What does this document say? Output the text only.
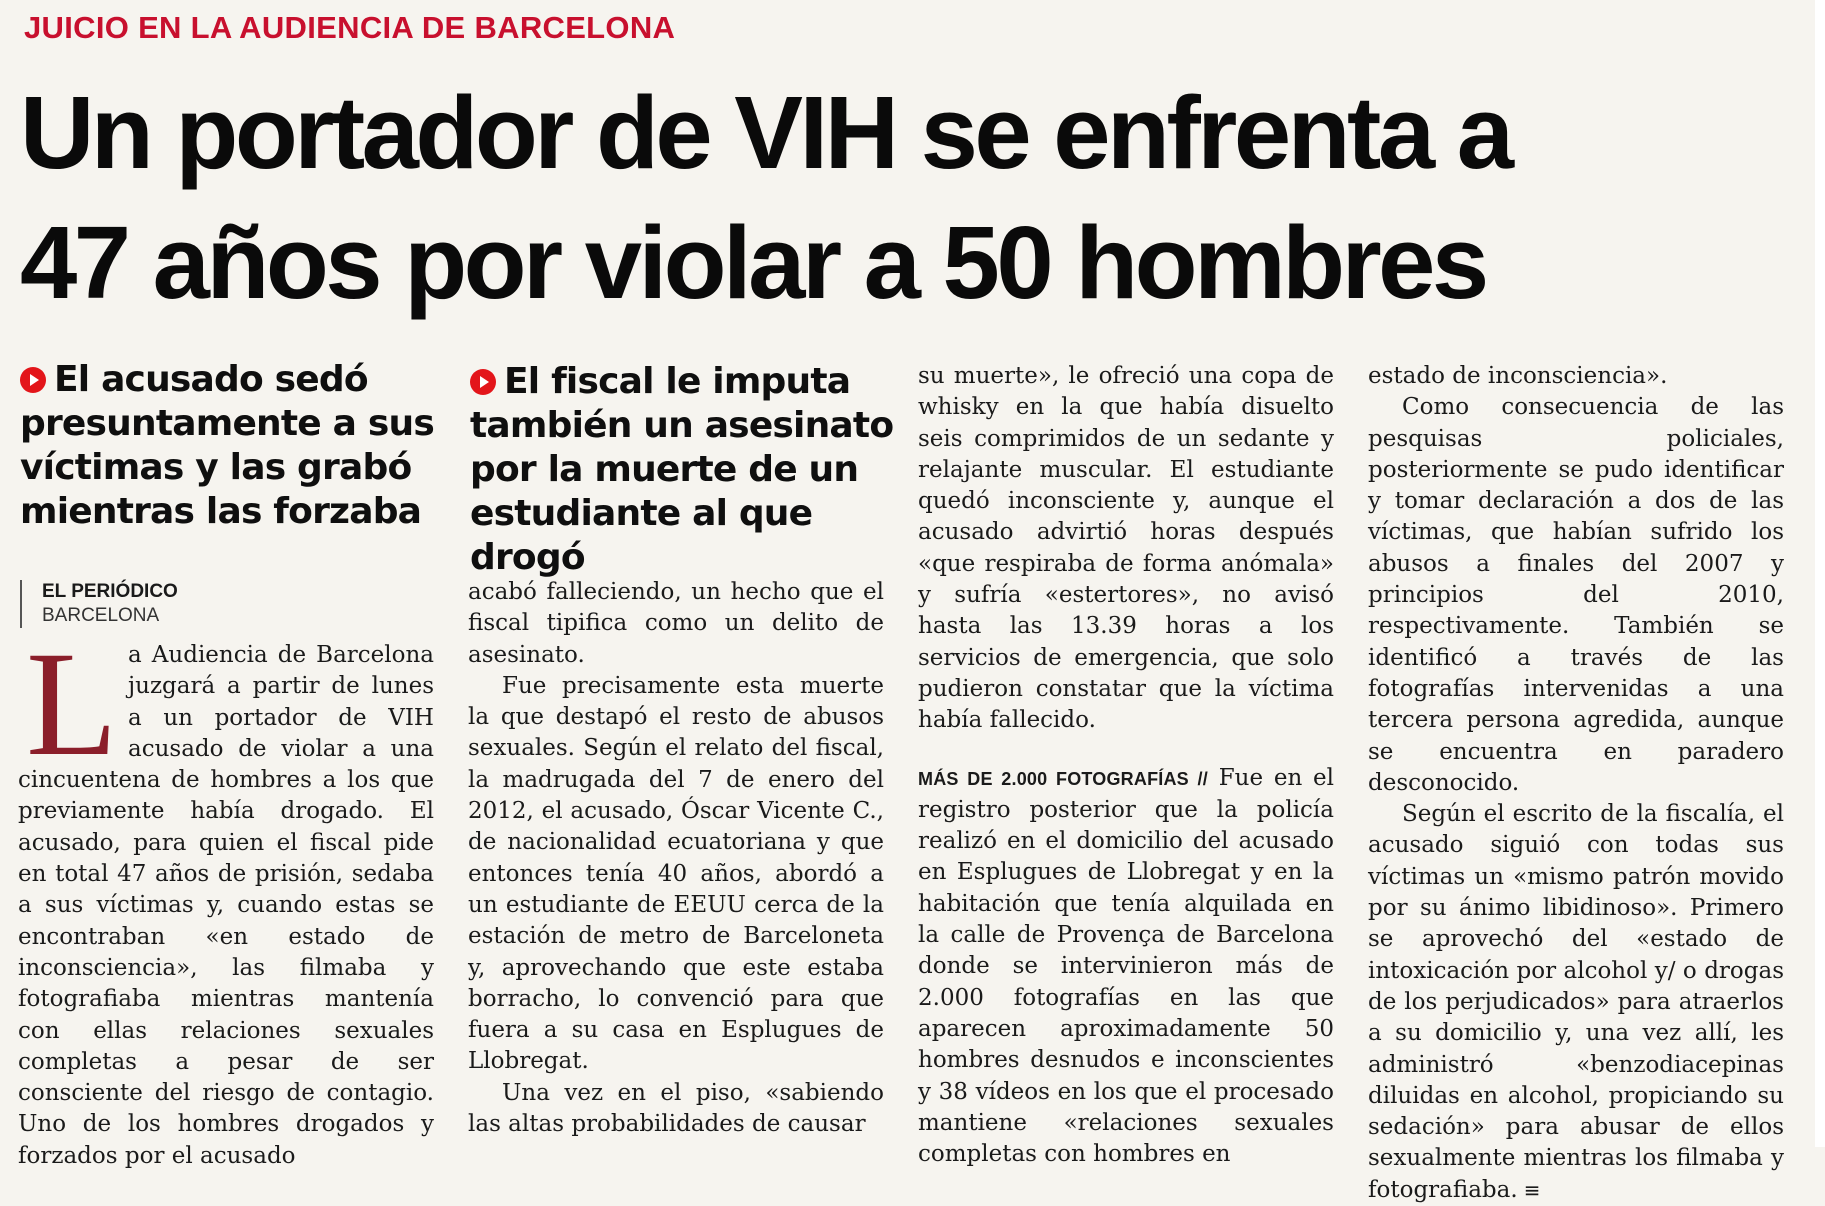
JUICIO EN LA AUDIENCIA DE BARCELONA
Un portador de VIH se enfrenta a
47 años por violar a 50 hombres
El acusado sedó presuntamente a sus víctimas y las grabó mientras las forzaba
El fiscal le imputa también un asesinato por la muerte de un estudiante al que drogó
EL PERIÓDICO
BARCELONA

La Audiencia de Barcelona juzgará a partir de lunes a un portador de VIH acusado de violar a una cincuentena de hombres a los que previamente había drogado. El acusado, para quien el fiscal pide en total 47 años de prisión, sedaba a sus víctimas y, cuando estas se encontraban «en estado de inconsciencia», las filmaba y fotografiaba mientras mantenía con ellas relaciones sexuales completas a pesar de ser consciente del riesgo de contagio. Uno de los hombres drogados y forzados por el acusado

acabó falleciendo, un hecho que el fiscal tipifica como un delito de asesinato.

Fue precisamente esta muerte la que destapó el resto de abusos sexuales. Según el relato del fiscal, la madrugada del 7 de enero del 2012, el acusado, Óscar Vicente C., de nacionalidad ecuatoriana y que entonces tenía 40 años, abordó a un estudiante de EEUU cerca de la estación de metro de Barceloneta y, aprovechando que este estaba borracho, lo convenció para que fuera a su casa en Esplugues de Llobregat.

Una vez en el piso, «sabiendo las altas probabilidades de causar

su muerte», le ofreció una copa de whisky en la que había disuelto seis comprimidos de un sedante y relajante muscular. El estudiante quedó inconsciente y, aunque el acusado advirtió horas después «que respiraba de forma anómala» y sufría «estertores», no avisó hasta las 13.39 horas a los servicios de emergencia, que solo pudieron constatar que la víctima había fallecido.

MÁS DE 2.000 FOTOGRAFÍAS // Fue en el registro posterior que la policía realizó en el domicilio del acusado en Esplugues de Llobregat y en la habitación que tenía alquilada en la calle de Provença de Barcelona donde se intervinieron más de 2.000 fotografías en las que aparecen aproximadamente 50 hombres desnudos e inconscientes y 38 vídeos en los que el procesado mantiene «relaciones sexuales completas con hombres en

estado de inconsciencia».

Como consecuencia de las pesquisas policiales, posteriormente se pudo identificar y tomar declaración a dos de las víctimas, que habían sufrido los abusos a finales del 2007 y principios del 2010, respectivamente. También se identificó a través de las fotografías intervenidas a una tercera persona agredida, aunque se encuentra en paradero desconocido.

Según el escrito de la fiscalía, el acusado siguió con todas sus víctimas un «mismo patrón movido por su ánimo libidinoso». Primero se aprovechó del «estado de intoxicación por alcohol y/ o drogas de los perjudicados» para atraerlos a su domicilio y, una vez allí, les administró «benzodiacepinas diluidas en alcohol, propiciando su sedación» para abusar de ellos sexualmente mientras los filmaba y fotografiaba. ≡
